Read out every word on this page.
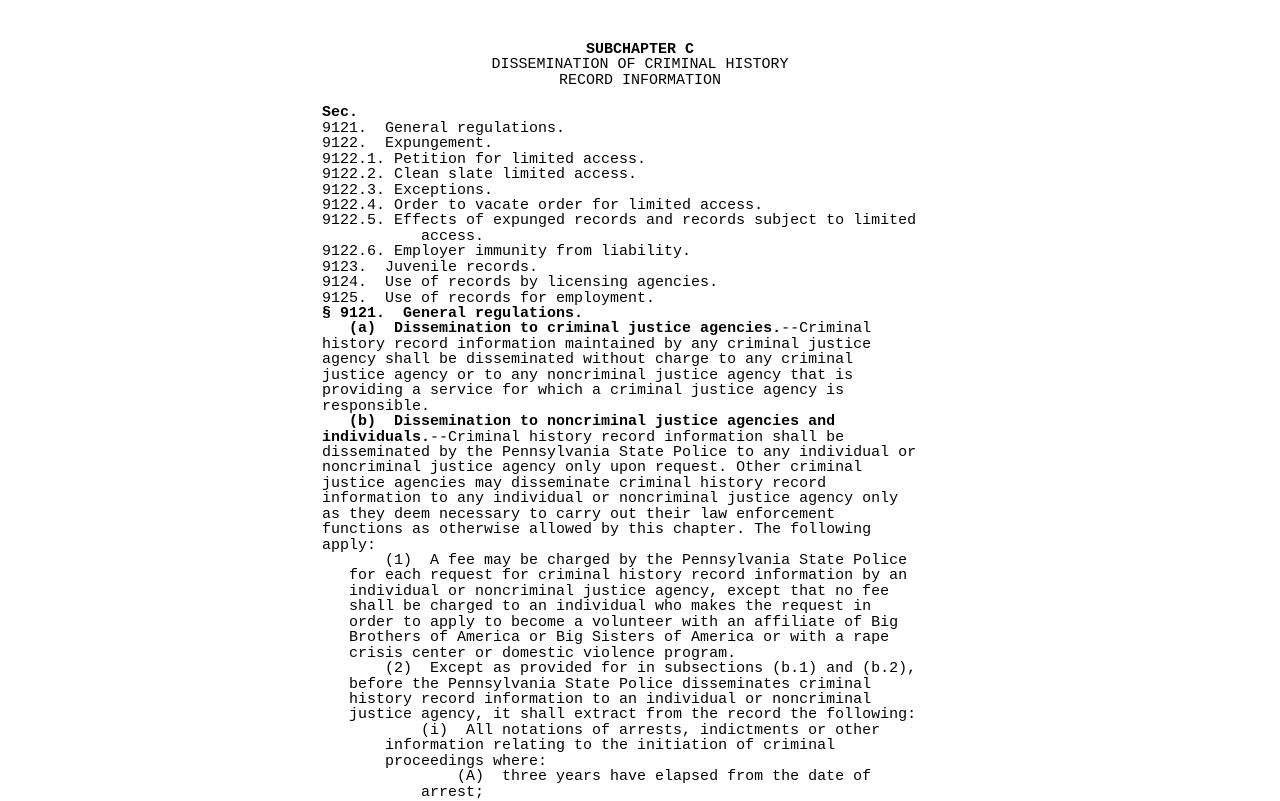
SUBCHAPTER C
DISSEMINATION OF CRIMINAL HISTORY
RECORD INFORMATION
Sec.
9121.  General regulations.
9122.  Expungement.
9122.1. Petition for limited access.
9122.2. Clean slate limited access.
9122.3. Exceptions.
9122.4. Order to vacate order for limited access.
9122.5. Effects of expunged records and records subject to limited
access.
9122.6. Employer immunity from liability.
9123.  Juvenile records.
9124.  Use of records by licensing agencies.
9125.  Use of records for employment.
§ 9121.  General regulations.
(a)  Dissemination to criminal justice agencies.--Criminal
history record information maintained by any criminal justice
agency shall be disseminated without charge to any criminal
justice agency or to any noncriminal justice agency that is
providing a service for which a criminal justice agency is
responsible.
(b)  Dissemination to noncriminal justice agencies and
individuals.--Criminal history record information shall be
disseminated by the Pennsylvania State Police to any individual or
noncriminal justice agency only upon request. Other criminal
justice agencies may disseminate criminal history record
information to any individual or noncriminal justice agency only
as they deem necessary to carry out their law enforcement
functions as otherwise allowed by this chapter. The following
apply:
(1)  A fee may be charged by the Pennsylvania State Police
for each request for criminal history record information by an
individual or noncriminal justice agency, except that no fee
shall be charged to an individual who makes the request in
order to apply to become a volunteer with an affiliate of Big
Brothers of America or Big Sisters of America or with a rape
crisis center or domestic violence program.
(2)  Except as provided for in subsections (b.1) and (b.2),
before the Pennsylvania State Police disseminates criminal
history record information to an individual or noncriminal
justice agency, it shall extract from the record the following:
(i)  All notations of arrests, indictments or other
information relating to the initiation of criminal
proceedings where:
(A)  three years have elapsed from the date of
arrest;
